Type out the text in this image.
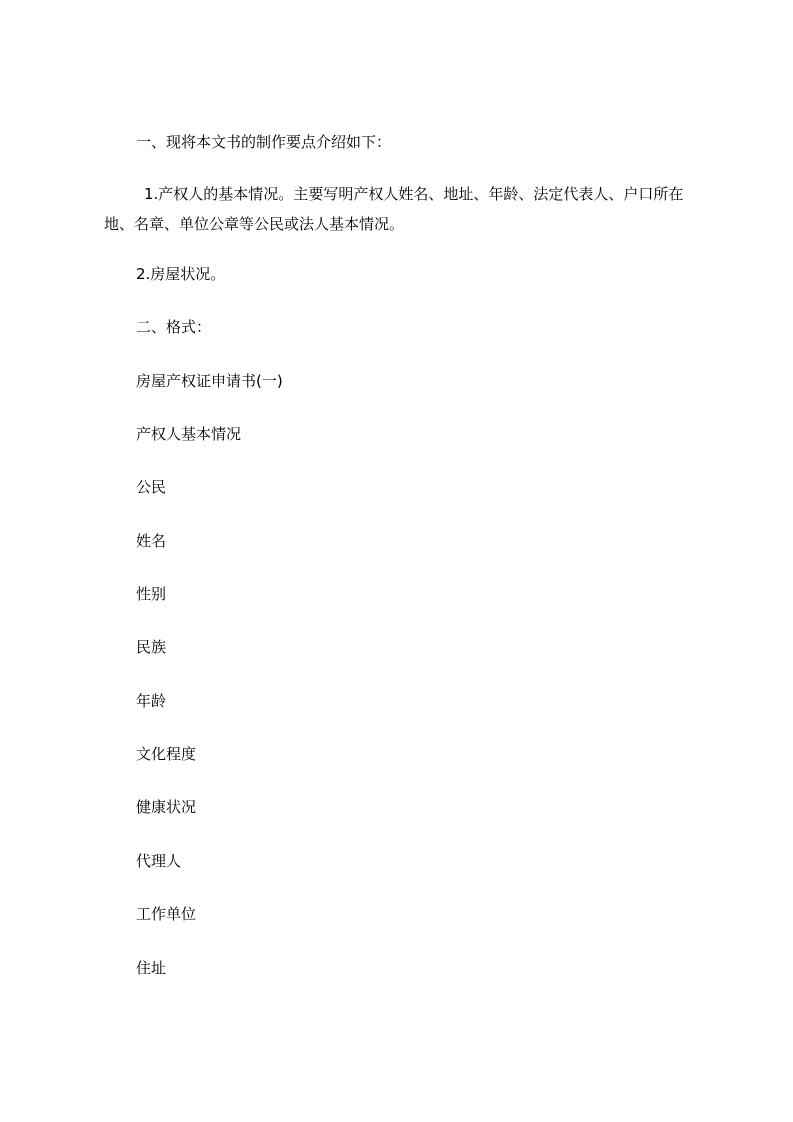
一、现将本文书的制作要点介绍如下：
1.产权人的基本情况。主要写明产权人姓名、地址、年龄、法定代表人、户口所在地、名章、单位公章等公民或法人基本情况。
2.房屋状况。
二、格式：
房屋产权证申请书(一)
产权人基本情况
公民
姓名
性别
民族
年龄
文化程度
健康状况
代理人
工作单位
住址
